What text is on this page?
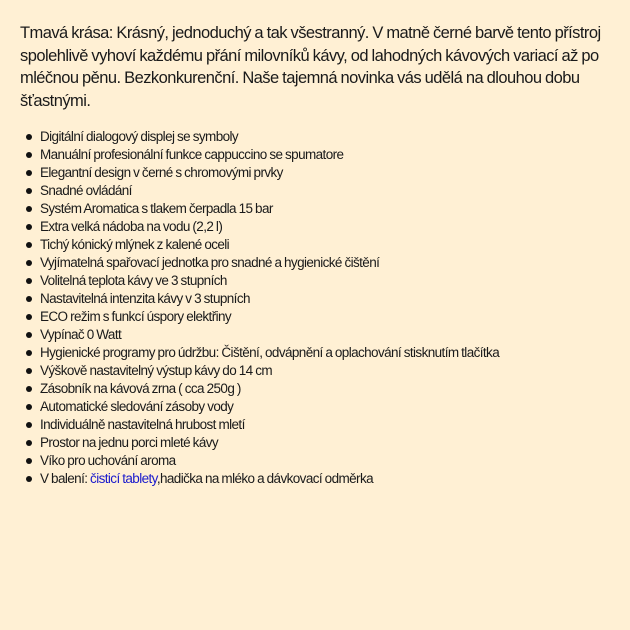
Tmavá krása: Krásný, jednoduchý a tak všestranný. V matně černé barvě tento přístroj spolehlivě vyhoví každému přání milovníků kávy, od lahodných kávových variací až po mléčnou pěnu. Bezkonkurenční. Naše tajemná novinka vás udělá na dlouhou dobu šťastnými.

Digitální dialogový displej se symboly
Manuální profesionální funkce cappuccino se spumatore
Elegantní design v černé s chromovými prvky
Snadné ovládání
Systém Aromatica s tlakem čerpadla 15 bar
Extra velká nádoba na vodu (2,2 l)
Tichý kónický mlýnek z kalené oceli
Vyjímatelná spařovací jednotka pro snadné a hygienické čištění
Volitelná teplota kávy ve 3 stupních
Nastavitelná intenzita kávy v 3 stupních
ECO režim s funkcí úspory elektřiny
Vypínač 0 Watt
Hygienické programy pro údržbu: Čištění, odvápnění a oplachování stisknutím tlačítka
Výškově nastavitelný výstup kávy do 14 cm
Zásobník na kávová zrna ( cca 250g )
Automatické sledování zásoby vody
Individuálně nastavitelná hrubost mletí
Prostor na jednu porci mleté kávy
Víko pro uchování aroma
V balení: čisticí tablety,hadička na mléko a dávkovací odměrka
